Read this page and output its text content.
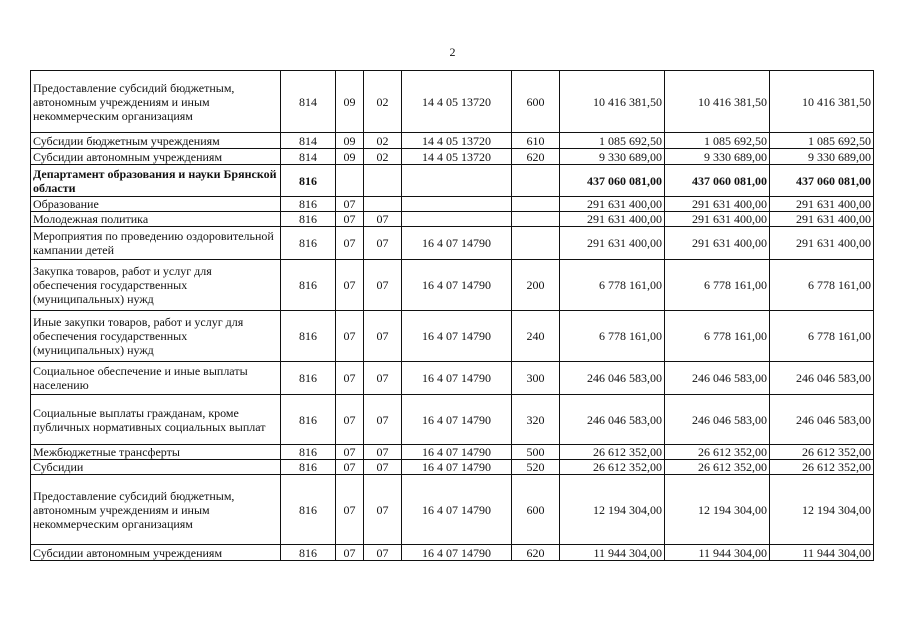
2
Предоставление субсидий бюджетным, автономным учреждениям и иным некоммерческим организациям	814	09	02	14 4 05 13720	600	10 416 381,50	10 416 381,50	10 416 381,50
Субсидии бюджетным учреждениям	814	09	02	14 4 05 13720	610	1 085 692,50	1 085 692,50	1 085 692,50
Субсидии автономным учреждениям	814	09	02	14 4 05 13720	620	9 330 689,00	9 330 689,00	9 330 689,00
Департамент образования и науки Брянской области	816					437 060 081,00	437 060 081,00	437 060 081,00
Образование	816	07				291 631 400,00	291 631 400,00	291 631 400,00
Молодежная политика	816	07	07			291 631 400,00	291 631 400,00	291 631 400,00
Мероприятия по проведению оздоровительной кампании детей	816	07	07	16 4 07 14790		291 631 400,00	291 631 400,00	291 631 400,00
Закупка товаров, работ и услуг для обеспечения государственных (муниципальных) нужд	816	07	07	16 4 07 14790	200	6 778 161,00	6 778 161,00	6 778 161,00
Иные закупки товаров, работ и услуг для обеспечения государственных (муниципальных) нужд	816	07	07	16 4 07 14790	240	6 778 161,00	6 778 161,00	6 778 161,00
Социальное обеспечение и иные выплаты населению	816	07	07	16 4 07 14790	300	246 046 583,00	246 046 583,00	246 046 583,00
Социальные выплаты гражданам, кроме публичных нормативных социальных выплат	816	07	07	16 4 07 14790	320	246 046 583,00	246 046 583,00	246 046 583,00
Межбюджетные трансферты	816	07	07	16 4 07 14790	500	26 612 352,00	26 612 352,00	26 612 352,00
Субсидии	816	07	07	16 4 07 14790	520	26 612 352,00	26 612 352,00	26 612 352,00
Предоставление субсидий бюджетным, автономным учреждениям и иным некоммерческим организациям	816	07	07	16 4 07 14790	600	12 194 304,00	12 194 304,00	12 194 304,00
Субсидии автономным учреждениям	816	07	07	16 4 07 14790	620	11 944 304,00	11 944 304,00	11 944 304,00
